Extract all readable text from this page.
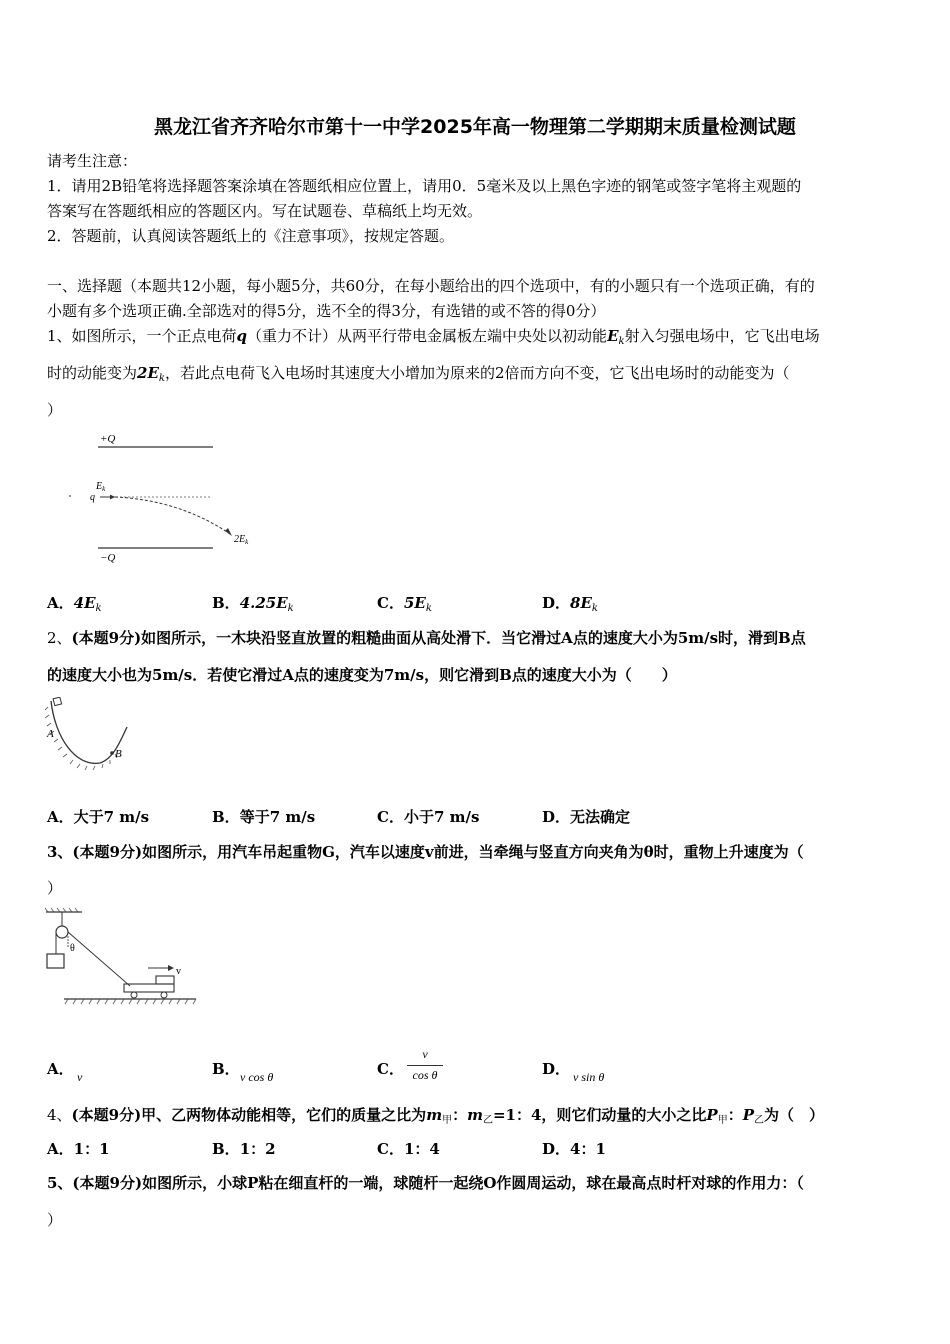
黑龙江省齐齐哈尔市第十一中学2025年高一物理第二学期期末质量检测试题
请考生注意：
1．请用2B铅笔将选择题答案涂填在答题纸相应位置上，请用0．5毫米及以上黑色字迹的钢笔或签字笔将主观题的
答案写在答题纸相应的答题区内。写在试题卷、草稿纸上均无效。
2．答题前，认真阅读答题纸上的《注意事项》，按规定答题。
一、选择题（本题共12小题，每小题5分，共60分，在每小题给出的四个选项中，有的小题只有一个选项正确，有的
小题有多个选项正确.全部选对的得5分，选不全的得3分，有选错的或不答的得0分）
1、如图所示，一个正点电荷q（重力不计）从两平行带电金属板左端中央处以初动能$E_k$射入匀强电场中，它飞出电场
时的动能变为$2E_k$，若此点电荷飞入电场时其速度大小增加为原来的2倍而方向不变，它飞出电场时的动能变为（
）
+Q
$E_k$
q
$2E_k$
−Q
A．$4E_k$	B．$4.25E_k$	C．$5E_k$	D．$8E_k$
2、(本题9分)如图所示，一木块沿竖直放置的粗糙曲面从高处滑下．当它滑过A点的速度大小为5m/s时，滑到B点
的速度大小也为5m/s．若使它滑过A点的速度变为7m/s，则它滑到B点的速度大小为（　　）
A
B
A．大于7 m/s	B．等于7 m/s	C．小于7 m/s	D．无法确定
3、(本题9分)如图所示，用汽车吊起重物G，汽车以速度v前进，当牵绳与竖直方向夹角为θ时，重物上升速度为（
）
θ
v
A． v	B． v cos θ	C．
v
cos θ	D． v sin θ
4、(本题9分)甲、乙两物体动能相等，它们的质量之比为$m_甲$：$m_乙=1$：4，则它们动量的大小之比$P_甲$：$P_乙$为（　）
A．1：1	B．1：2	C．1：4	D．4：1
5、(本题9分)如图所示，小球P粘在细直杆的一端，球随杆一起绕O作圆周运动，球在最高点时杆对球的作用力：（
）
